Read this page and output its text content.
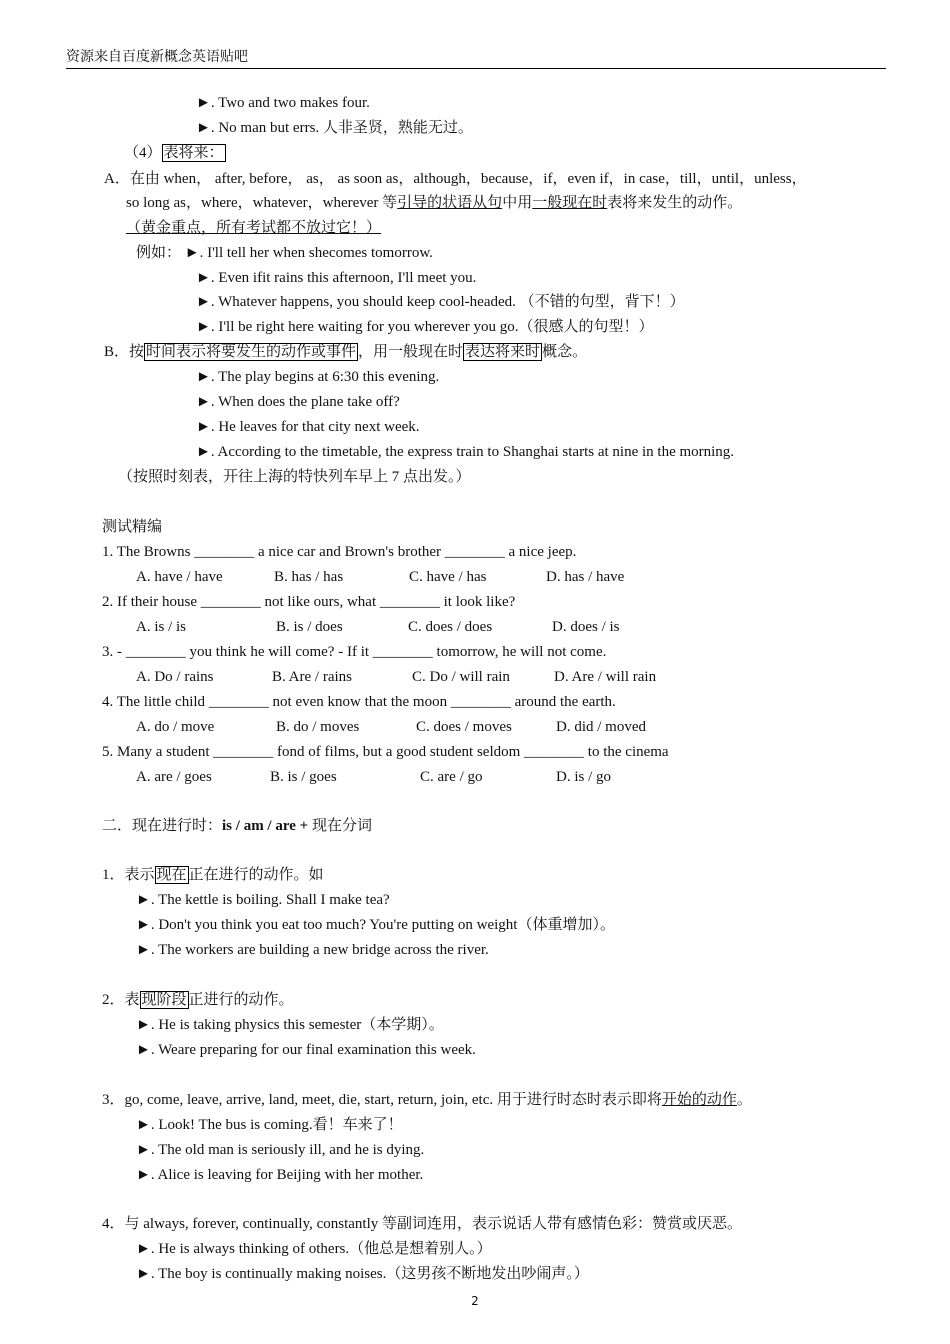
资源来自百度新概念英语贴吧
►. Two and two makes four.
►. No man but errs. 人非圣贤，熟能无过。
（4） 表将来：
A．在由 when， after, before， as， as soon as，although，because，if，even if，in case，till，until，unless，
so long as，where，whatever，wherever 等引导的状语从句中用一般现在时表将来发生的动作。
（黄金重点，所有考试都不放过它！）
例如： ►. I'll tell her when shecomes tomorrow.
►. Even ifit rains this afternoon, I'll meet you.
►. Whatever happens, you should keep cool-headed. （不错的句型，背下！）
►. I'll be right here waiting for you wherever you go.（很感人的句型！）
B．按 时间表示将要发生的动作或事件 ，用一般现在时 表达将来时 概念。
►. The play begins at 6:30 this evening.
►. When does the plane take off?
►. He leaves for that city next week.
►. According to the timetable, the express train to Shanghai starts at nine in the morning.
（按照时刻表，开往上海的特快列车早上 7 点出发。）
测试精编
1. The Browns ________ a nice car and Brown's brother ________ a nice jeep.
A. have / have	B. has / has	C. have / has	D. has / have
2. If their house ________ not like ours, what ________ it look like?
A. is / is	B. is / does	C. does / does	D. does / is
3. - ________ you think he will come? - If it ________ tomorrow, he will not come.
A. Do / rains	B. Are / rains	C. Do / will rain	D. Are / will rain
4. The little child ________ not even know that the moon ________ around the earth.
A. do / move	B. do / moves	C. does / moves	D. did / moved
5. Many a student ________ fond of films, but a good student seldom ________ to the cinema
A. are / goes	B. is / goes	C. are / go	D. is / go
二．现在进行时：is / am / are + 现在分词
1．表示 现在 正在进行的动作。如
►. The kettle is boiling. Shall I make tea?
►. Don't you think you eat too much? You're putting on weight（体重增加）。
►. The workers are building a new bridge across the river.
2．表 现阶段 正进行的动作。
►. He is taking physics this semester（本学期）。
►. Weare preparing for our final examination this week.
3．go, come, leave, arrive, land, meet, die, start, return, join, etc. 用于进行时态时表示即将开始的动作。
►. Look! The bus is coming.看！车来了！
►. The old man is seriously ill, and he is dying.
►. Alice is leaving for Beijing with her mother.
4．与 always, forever, continually, constantly 等副词连用，表示说话人带有感情色彩：赞赏或厌恶。
►. He is always thinking of others.（他总是想着别人。）
►. The boy is continually making noises.（这男孩不断地发出吵闹声。）
2
